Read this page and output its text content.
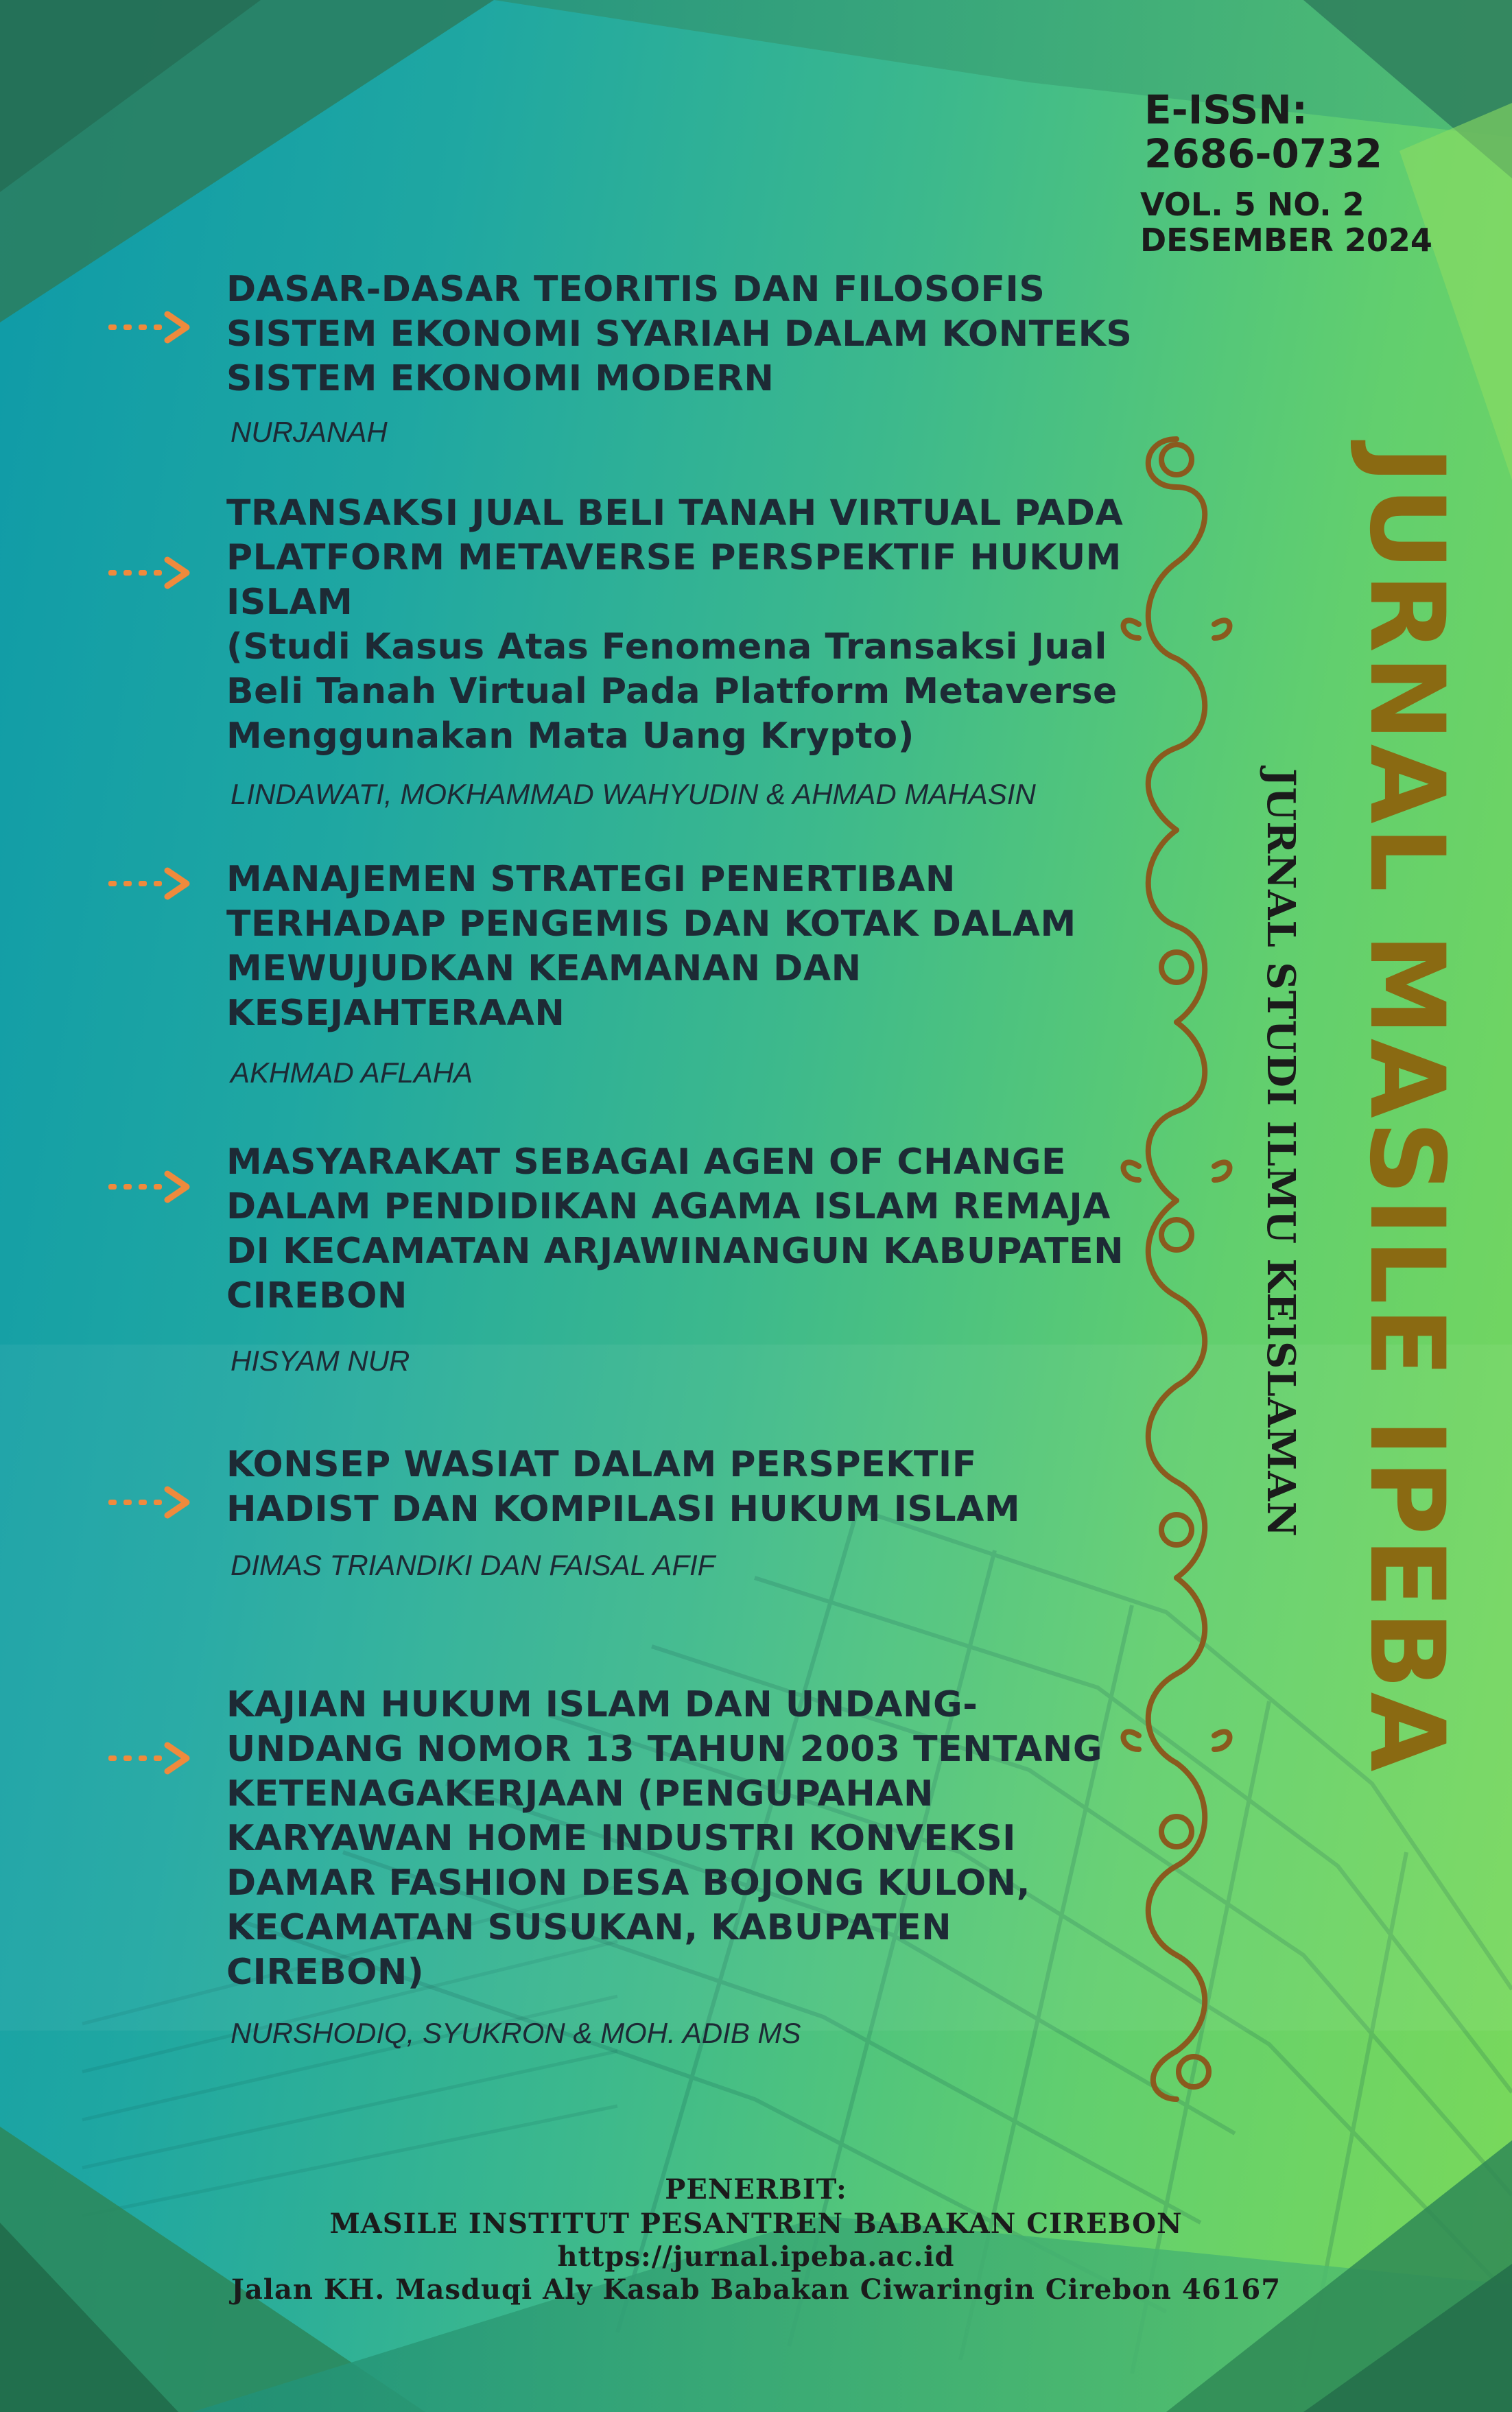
E-ISSN:
2686-0732
VOL. 5 NO. 2
DESEMBER 2024
DASAR-DASAR TEORITIS DAN FILOSOFIS SISTEM EKONOMI SYARIAH DALAM KONTEKS SISTEM EKONOMI MODERN
NURJANAH
TRANSAKSI JUAL BELI TANAH VIRTUAL PADA PLATFORM METAVERSE PERSPEKTIF HUKUM ISLAM
(Studi Kasus Atas Fenomena Transaksi Jual Beli Tanah Virtual Pada Platform Metaverse Menggunakan Mata Uang Krypto)
LINDAWATI, MOKHAMMAD WAHYUDIN & AHMAD MAHASIN
MANAJEMEN STRATEGI PENERTIBAN TERHADAP PENGEMIS DAN KOTAK DALAM MEWUJUDKAN KEAMANAN DAN KESEJAHTERAAN
AKHMAD AFLAHA
MASYARAKAT SEBAGAI AGEN OF CHANGE DALAM PENDIDIKAN AGAMA ISLAM REMAJA DI KECAMATAN ARJAWINANGUN KABUPATEN CIREBON
HISYAM NUR
KONSEP WASIAT DALAM PERSPEKTIF HADIST DAN KOMPILASI HUKUM ISLAM
DIMAS TRIANDIKI DAN FAISAL AFIF
KAJIAN HUKUM ISLAM DAN UNDANG-UNDANG NOMOR 13 TAHUN 2003 TENTANG KETENAGAKERJAAN (PENGUPAHAN KARYAWAN HOME INDUSTRI KONVEKSI DAMAR FASHION DESA BOJONG KULON, KECAMATAN SUSUKAN, KABUPATEN CIREBON)
NURSHODIQ, SYUKRON & MOH. ADIB MS
JURNAL MASILE IPEBA
JURNAL STUDI ILMU KEISLAMAN
PENERBIT:
MASILE INSTITUT PESANTREN BABAKAN CIREBON
https://jurnal.ipeba.ac.id
Jalan KH. Masduqi Aly Kasab Babakan Ciwaringin Cirebon 46167
